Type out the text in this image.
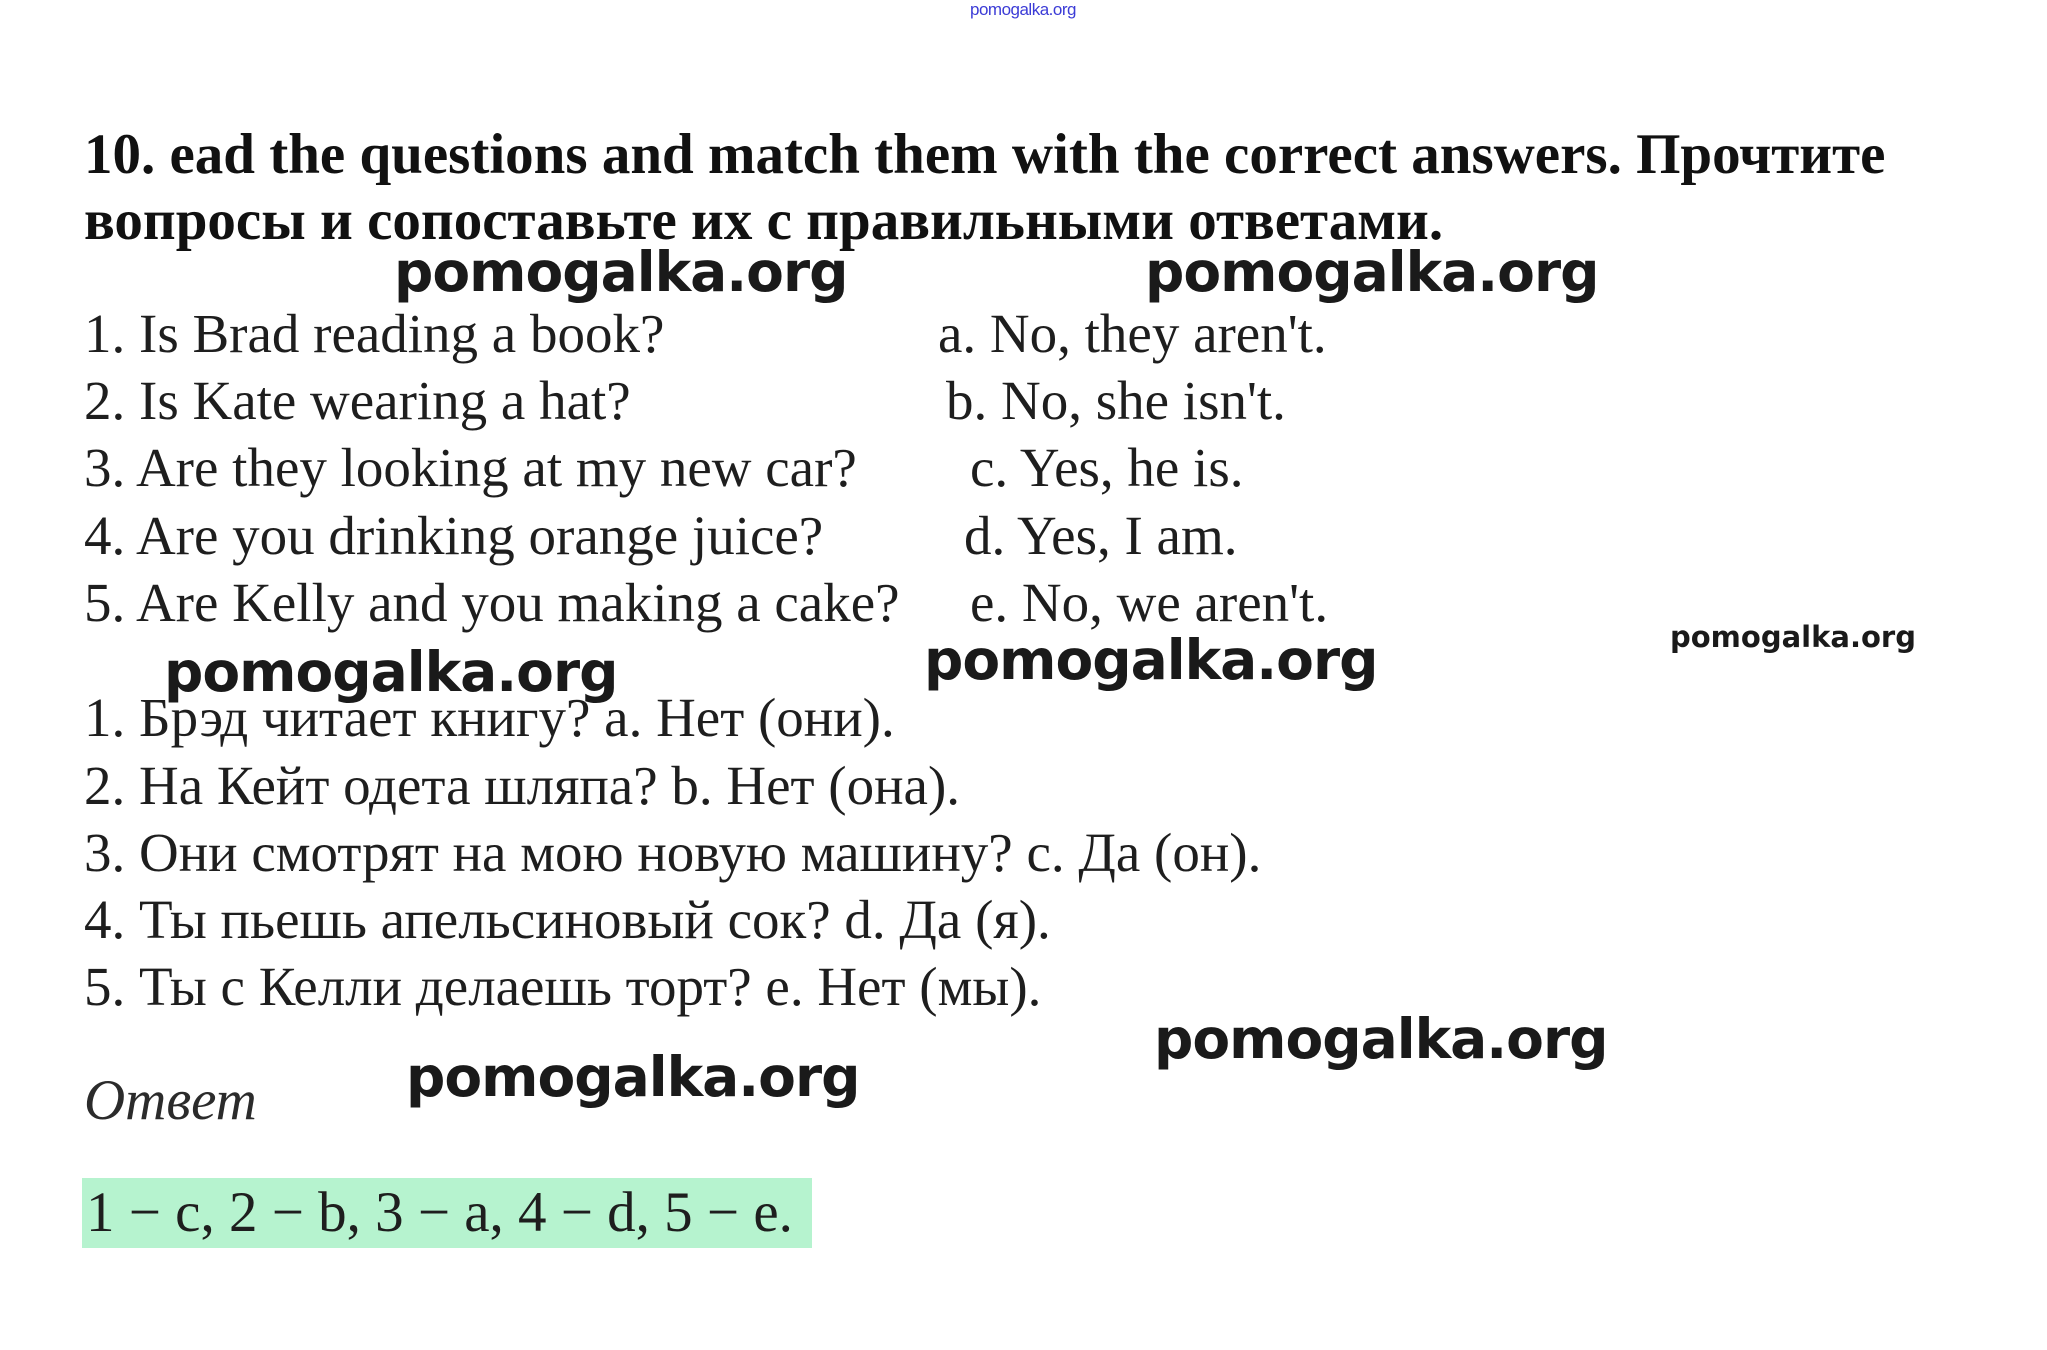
pomogalka.org
10. ead the questions and match them with the correct answers. Прочтите вопросы и сопоставьте их с правильными ответами.
pomogalka.org	pomogalka.org
1. Is Brad reading a book?	a. No, they aren't.
2. Is Kate wearing a hat?	b. No, she isn't.
3. Are they looking at my new car? c. Yes, he is.
4. Are you drinking orange juice?	d. Yes, I am.
5. Are Kelly and you making a cake? e. No, we aren't.
pomogalka.org
pomogalka.org
1. Брэд читает книгу? a. Нет (они).
pomogalka.org
2. На Кейт одета шляпа? b. Нет (она).
3. Они смотрят на мою новую машину? c. Да (он).
4. Ты пьешь апельсиновый сок? d. Да (я).
5. Ты с Келли делаешь торт? e. Нет (мы).
pomogalka.org
pomogalka.org
Ответ
1 − c, 2 − b, 3 − a, 4 − d, 5 − e.
